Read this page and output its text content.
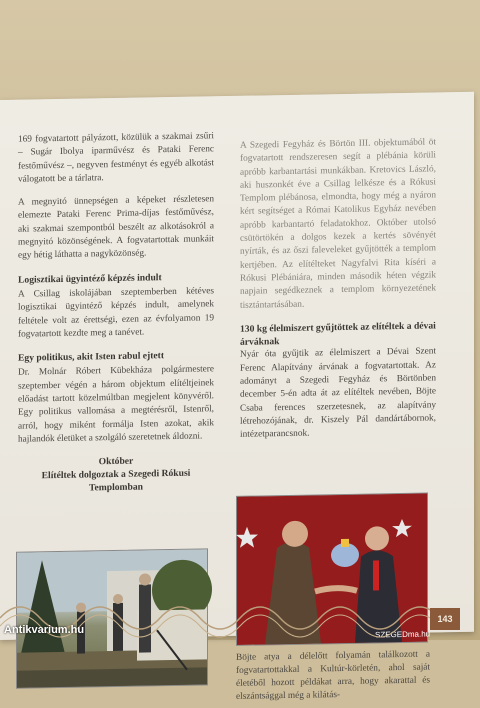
169 fogvatartott pályázott, közülük a szakmai zsűri – Sugár Ibolya iparművész és Pataki Ferenc festőművész –, negyven festményt és egyéb alkotást válogatott be a tárlatra.

A megnyitó ünnepségen a képeket részletesen elemezte Pataki Ferenc Prima-díjas festőművész, aki szakmai szempontból beszélt az alkotásokról a megnyitó közönségének. A fogvatartottak munkáit egy hétig láthatta a nagyközönség.

Logisztikai ügyintéző képzés indult

A Csillag iskolájában szeptemberben kétéves logisztikai ügyintéző képzés indult, amelynek feltétele volt az érettségi, ezen az évfolyamon 19 fogvatartott kezdte meg a tanévet.

Egy politikus, akit Isten rabul ejtett

Dr. Molnár Róbert Kübekháza polgármestere szeptember végén a három objektum elítéltjeinek előadást tartott közelmúltban megjelent könyvéről. Egy politikus vallomása a megtérésről, Istenről, arról, hogy miként formálja Isten azokat, akik hajlandók életüket a szolgáló szeretetnek áldozni.

Október
Elítéltek dolgoztak a Szegedi Rókusi Templomban

A Szegedi Fegyház és Börtön III. objektumából öt fogvatartott rendszeresen segít a plébánia körüli apróbb karbantartási munkákban. Kretovics László, aki huszonkét éve a Csillag lelkésze és a Rókusi Templom plébánosa, elmondta, hogy még a nyáron kért segítséget a Római Katolikus Egyház nevében apróbb karbantartó feladatokhoz. Október utolsó csütörtökén a dolgos kezek a kertés sövényét nyírták, és az őszi faleveleket gyűjtötték a templom kertjében. Az elítélteket Nagyfalvi Rita kíséri a Rókusi Plébániára, minden második héten végzik napjain segédkeznek a templom környezetének tisztántartásában.

130 kg élelmiszert gyűjtöttek az elítéltek a dévai árváknak

Nyár óta gyűjtik az élelmiszert a Dévai Szent Ferenc Alapítvány árvának a fogvatartottak. Az adományt a Szegedi Fegyház és Börtönben december 5-én adta át az elítéltek nevében, Böjte Csaba ferences szerzetesnek, az alapítvány létrehozójának, dr. Kiszely Pál dandártábornok, intézetparancsnok.

SZEGEDma.hu
Böjte atya a délelőtt folyamán találkozott a fogvatartottakkal a Kultúr-körletén, ahol saját életéből hozott példákat arra, hogy akarattal és elszántsággal még a kilátás-
143
Antikvarium.hu
